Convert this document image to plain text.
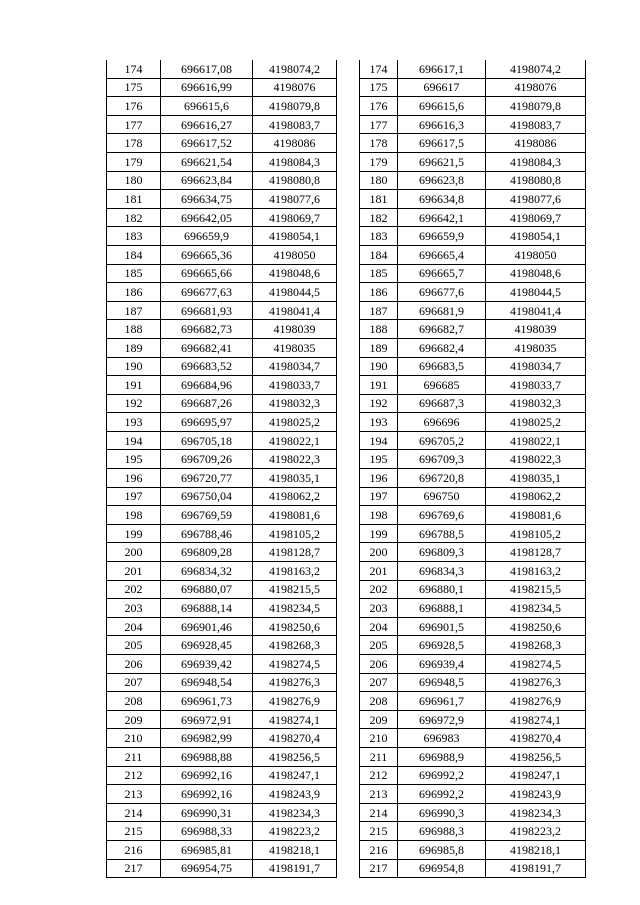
174	696617,08	4198074,2		174	696617,1	4198074,2
175	696616,99	4198076		175	696617	4198076
176	696615,6	4198079,8		176	696615,6	4198079,8
177	696616,27	4198083,7		177	696616,3	4198083,7
178	696617,52	4198086		178	696617,5	4198086
179	696621,54	4198084,3		179	696621,5	4198084,3
180	696623,84	4198080,8		180	696623,8	4198080,8
181	696634,75	4198077,6		181	696634,8	4198077,6
182	696642,05	4198069,7		182	696642,1	4198069,7
183	696659,9	4198054,1		183	696659,9	4198054,1
184	696665,36	4198050		184	696665,4	4198050
185	696665,66	4198048,6		185	696665,7	4198048,6
186	696677,63	4198044,5		186	696677,6	4198044,5
187	696681,93	4198041,4		187	696681,9	4198041,4
188	696682,73	4198039		188	696682,7	4198039
189	696682,41	4198035		189	696682,4	4198035
190	696683,52	4198034,7		190	696683,5	4198034,7
191	696684,96	4198033,7		191	696685	4198033,7
192	696687,26	4198032,3		192	696687,3	4198032,3
193	696695,97	4198025,2		193	696696	4198025,2
194	696705,18	4198022,1		194	696705,2	4198022,1
195	696709,26	4198022,3		195	696709,3	4198022,3
196	696720,77	4198035,1		196	696720,8	4198035,1
197	696750,04	4198062,2		197	696750	4198062,2
198	696769,59	4198081,6		198	696769,6	4198081,6
199	696788,46	4198105,2		199	696788,5	4198105,2
200	696809,28	4198128,7		200	696809,3	4198128,7
201	696834,32	4198163,2		201	696834,3	4198163,2
202	696880,07	4198215,5		202	696880,1	4198215,5
203	696888,14	4198234,5		203	696888,1	4198234,5
204	696901,46	4198250,6		204	696901,5	4198250,6
205	696928,45	4198268,3		205	696928,5	4198268,3
206	696939,42	4198274,5		206	696939,4	4198274,5
207	696948,54	4198276,3		207	696948,5	4198276,3
208	696961,73	4198276,9		208	696961,7	4198276,9
209	696972,91	4198274,1		209	696972,9	4198274,1
210	696982,99	4198270,4		210	696983	4198270,4
211	696988,88	4198256,5		211	696988,9	4198256,5
212	696992,16	4198247,1		212	696992,2	4198247,1
213	696992,16	4198243,9		213	696992,2	4198243,9
214	696990,31	4198234,3		214	696990,3	4198234,3
215	696988,33	4198223,2		215	696988,3	4198223,2
216	696985,81	4198218,1		216	696985,8	4198218,1
217	696954,75	4198191,7		217	696954,8	4198191,7
